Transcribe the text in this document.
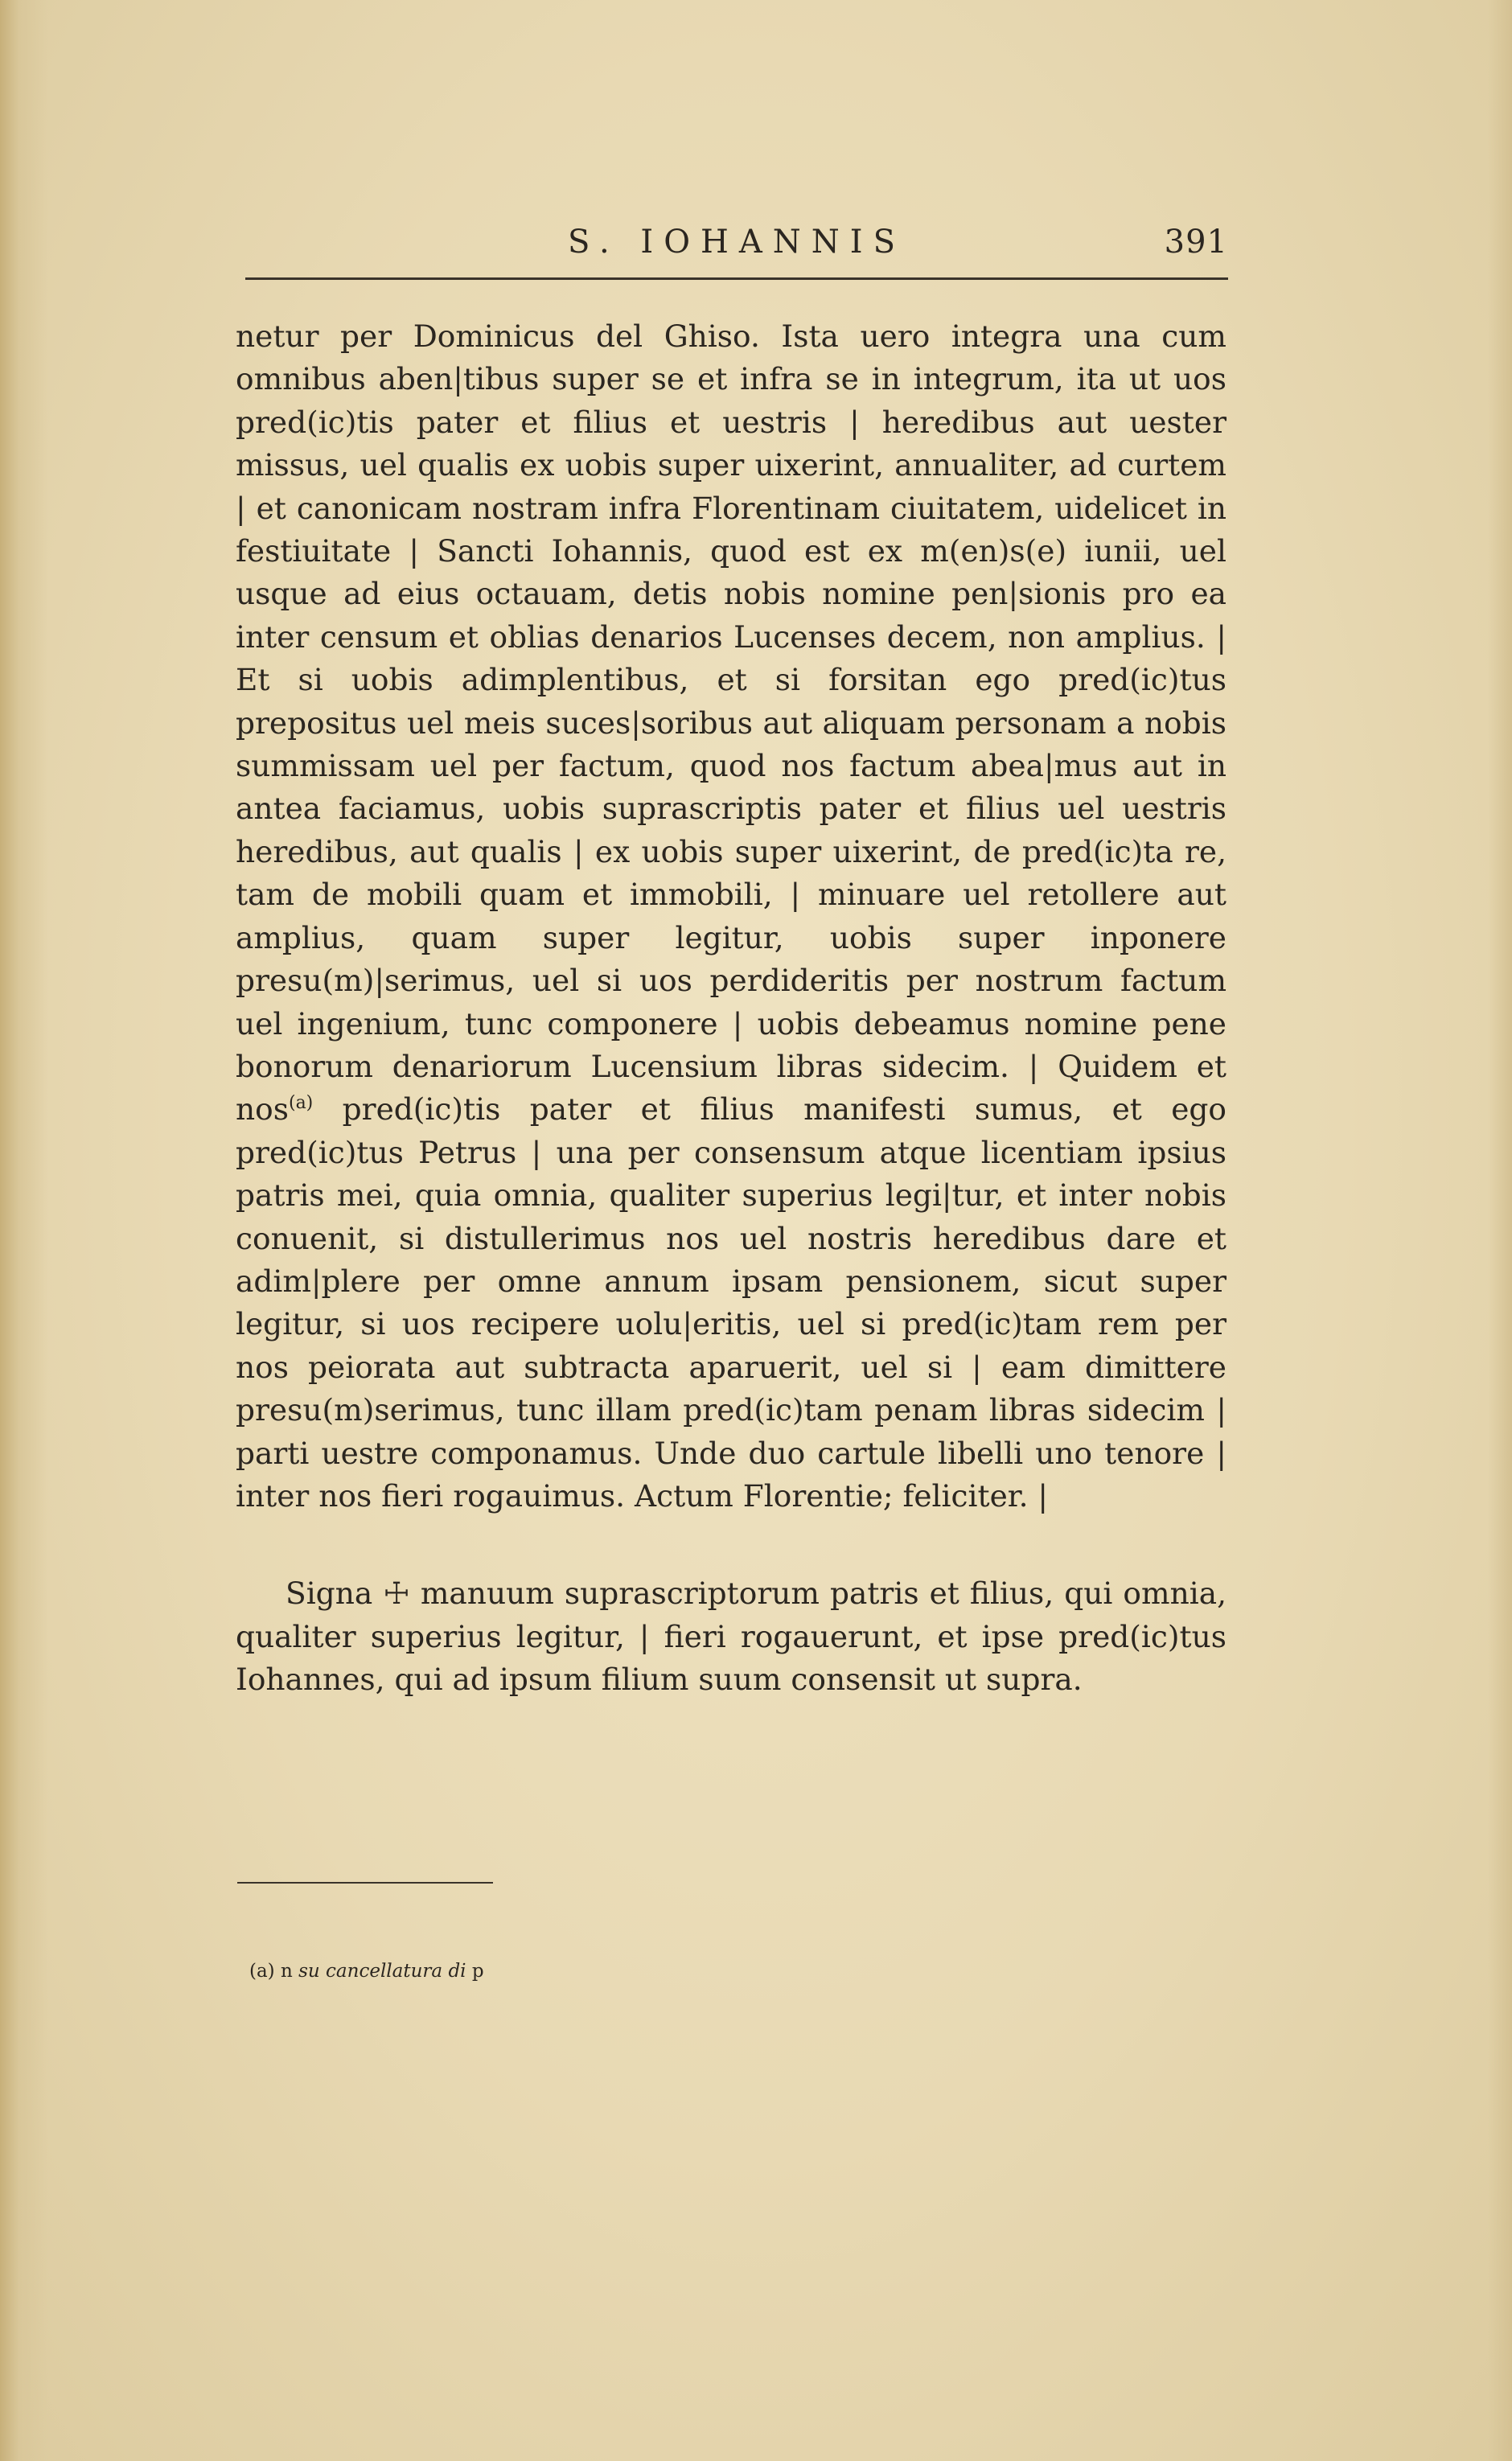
S. IOHANNIS	391

netur per Dominicus del Ghiso. Ista uero integra una cum omnibus aben|tibus super se et infra se in integrum, ita ut uos pred(ic)tis pater et filius et uestris | heredibus aut uester missus, uel qualis ex uobis super uixerint, annualiter, ad curtem | et canonicam nostram infra Florentinam ciuitatem, uidelicet in festiuitate | Sancti Iohannis, quod est ex m(en)s(e) iunii, uel usque ad eius octauam, detis nobis nomine pen|sionis pro ea inter censum et oblias denarios Lucenses decem, non amplius. | Et si uobis adimplentibus, et si forsitan ego pred(ic)tus prepositus uel meis suces|soribus aut aliquam personam a nobis summissam uel per factum, quod nos factum abea|mus aut in antea faciamus, uobis suprascriptis pater et filius uel uestris heredibus, aut qualis | ex uobis super uixerint, de pred(ic)ta re, tam de mobili quam et immobili, | minuare uel retollere aut amplius, quam super legitur, uobis super inponere presu(m)|serimus, uel si uos perdideritis per nostrum factum uel ingenium, tunc componere | uobis debeamus nomine pene bonorum denariorum Lucensium libras sidecim. | Quidem et nos$^{(a)}$ pred(ic)tis pater et filius manifesti sumus, et ego pred(ic)tus Petrus | una per consensum atque licentiam ipsius patris mei, quia omnia, qualiter superius legi|tur, et inter nobis conuenit, si distullerimus nos uel nostris heredibus dare et adim|plere per omne annum ipsam pensionem, sicut super legitur, si uos recipere uolu|eritis, uel si pred(ic)tam rem per nos peiorata aut subtracta aparuerit, uel si | eam dimittere presu(m)serimus, tunc illam pred(ic)tam penam libras sidecim | parti uestre componamus. Unde duo cartule libelli uno tenore | inter nos fieri rogauimus. Actum Florentie; feliciter. |

Signa ☩ manuum suprascriptorum patris et filius, qui omnia, qualiter superius legitur, | fieri rogauerunt, et ipse pred(ic)tus Iohannes, qui ad ipsum filium suum consensit ut supra.

(a) n su cancellatura di p
